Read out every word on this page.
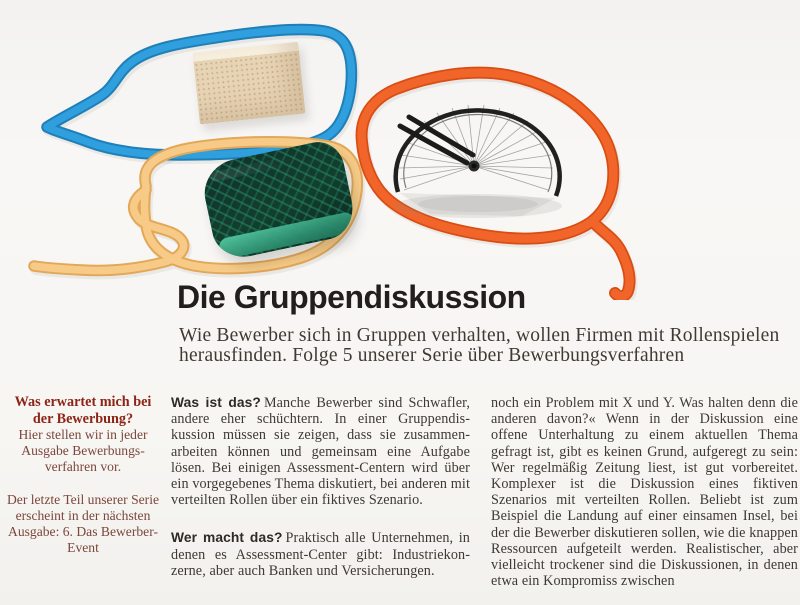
Die Gruppendiskussion

Wie Bewerber sich in Gruppen verhalten, wollen Firmen mit Rollenspielen herausfinden. Folge 5 unserer Serie über Bewerbungsverfahren

Was erwartet mich bei der Bewerbung?

Hier stellen wir in jeder Ausgabe Bewerbungsverfahren vor.

Der letzte Teil unserer Serie erscheint in der nächsten Ausgabe: 6. Das Bewerber-Event

Was ist das? Manche Bewerber sind Schwafler, andere eher schüchtern. In einer Gruppendiskussion müssen sie zeigen, dass sie zusammenarbeiten können und gemeinsam eine Aufgabe lösen. Bei einigen Assessment-Centern wird über ein vorgegebenes Thema diskutiert, bei anderen mit verteilten Rollen über ein fiktives Szenario.

Wer macht das? Praktisch alle Unternehmen, in denen es Assessment-Center gibt: Industriekonzerne, aber auch Banken und Versicherungen.

noch ein Problem mit X und Y. Was halten denn die anderen davon?« Wenn in der Diskussion eine offene Unterhaltung zu einem aktuellen Thema gefragt ist, gibt es keinen Grund, aufgeregt zu sein: Wer regelmäßig Zeitung liest, ist gut vorbereitet. Komplexer ist die Diskussion eines fiktiven Szenarios mit verteilten Rollen. Beliebt ist zum Beispiel die Landung auf einer einsamen Insel, bei der die Bewerber diskutieren sollen, wie die knappen Ressourcen aufgeteilt werden. Realistischer, aber vielleicht trockener sind die Diskussionen, in denen etwa ein Kompromiss zwischen
